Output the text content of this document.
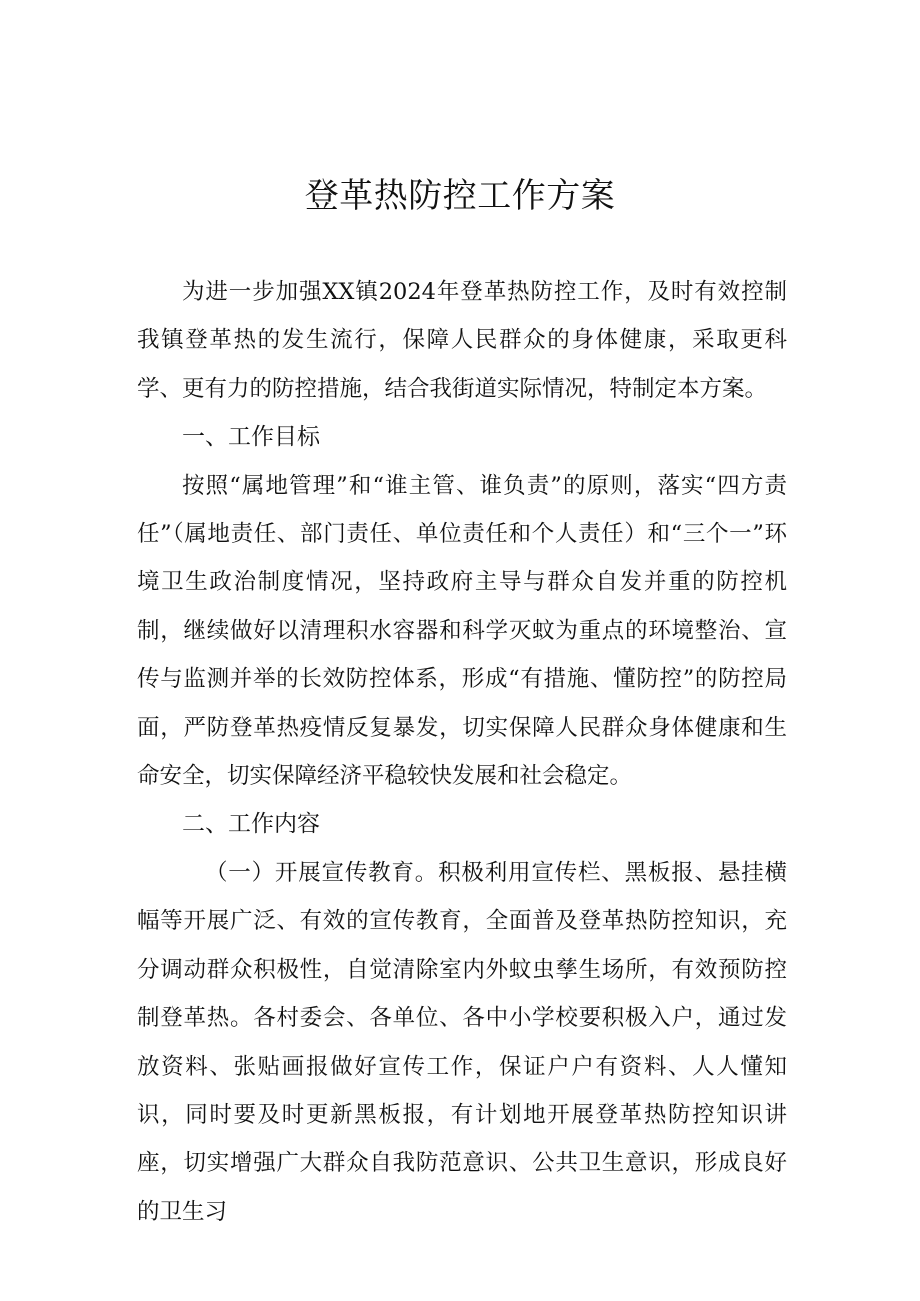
登革热防控工作方案

为进一步加强XX镇2024年登革热防控工作，及时有效控制我镇登革热的发生流行，保障人民群众的身体健康，采取更科学、更有力的防控措施，结合我街道实际情况，特制定本方案。

一、工作目标

按照“属地管理”和“谁主管、谁负责”的原则，落实“四方责任”（属地责任、部门责任、单位责任和个人责任）和“三个一”环境卫生政治制度情况，坚持政府主导与群众自发并重的防控机制，继续做好以清理积水容器和科学灭蚊为重点的环境整治、宣传与监测并举的长效防控体系，形成“有措施、懂防控”的防控局面，严防登革热疫情反复暴发，切实保障人民群众身体健康和生命安全，切实保障经济平稳较快发展和社会稳定。

二、工作内容

（一）开展宣传教育。积极利用宣传栏、黑板报、悬挂横幅等开展广泛、有效的宣传教育，全面普及登革热防控知识，充分调动群众积极性，自觉清除室内外蚊虫孳生场所，有效预防控制登革热。各村委会、各单位、各中小学校要积极入户，通过发放资料、张贴画报做好宣传工作，保证户户有资料、人人懂知识，同时要及时更新黑板报，有计划地开展登革热防控知识讲座，切实增强广大群众自我防范意识、公共卫生意识，形成良好的卫生习
